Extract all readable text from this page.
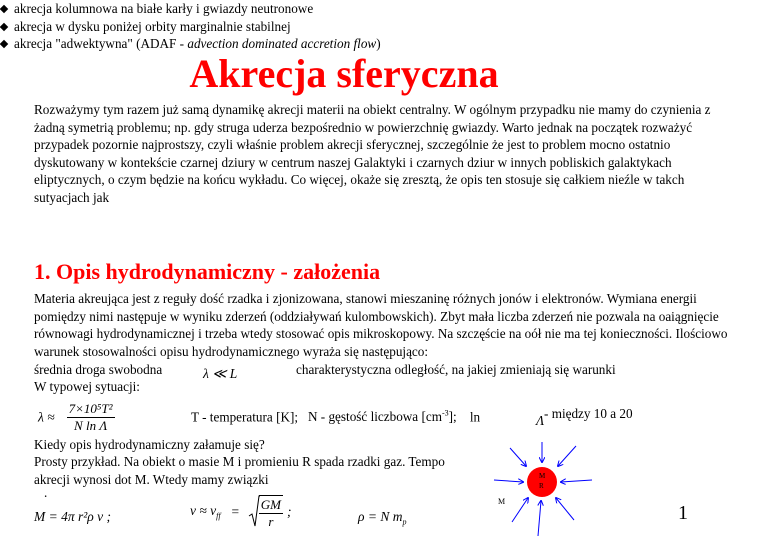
Akrecja sferyczna
Rozważymy tym razem już samą dynamikę akrecji materii na obiekt centralny. W ogólnym przypadku nie mamy do czynienia z żadną symetrią problemu; np. gdy struga uderza bezpośrednio w powierzchnię gwiazdy. Warto jednak na początek rozważyć przypadek pozornie najprostszy, czyli właśnie problem akrecji sferycznej, szczególnie że jest to problem mocno ostatnio dyskutowany w kontekście czarnej dziury w centrum naszej Galaktyki i czarnych dziur w innych pobliskich galaktykach eliptycznych, o czym będzie na końcu wykładu. Co więcej, okaże się zresztą, że opis ten stosuje się całkiem nieźle w takch sutyacjach jak
akrecja kolumnowa na białe karły i gwiazdy neutronowe
akrecja w dysku poniżej orbity marginalnie stabilnej
akrecja "adwektywna" (ADAF - advection dominated accretion flow)
1. Opis hydrodynamiczny - założenia
Materia akreująca jest z reguły dość rzadka i zjonizowana, stanowi mieszaninę różnych jonów i elektronów. Wymiana energii pomiędzy nimi następuje w wyniku zderzeń (oddziaływań kulombowskich). Zbyt mała liczba zderzeń nie pozwala na oaiągnięcie równowagi hydrodynamicznej i trzeba wtedy stosować opis mikroskopowy. Na szczęście na oół nie ma tej konieczności. Ilościowo warunek stosowalności opisu hydrodynamicznego wyraża się następująco:
średnia droga swobodna
W typowej sytuacji:
λ ≪ L	charakterystyczna odległość, na jakiej zmieniają się warunki
$\lambda \approx \frac{\text{7×10⁵T²}}{\text{N ln Λ}}$	T - temperatura [K]; N - gęstość liczbowa $[cm^{-3}]$; ln	Λ - między 10 a 20
Kiedy opis hydrodynamiczny załamuje się?
Prosty przykład. Na obiekt o masie M i promieniu R spada rzadki gaz. Tempo akrecji wynosi dot M. Wtedy mamy związki
.
M = 4π r²ρ v ;	$v \approx v_{ff} = \frac{GM}{r}$ ;	ρ = N $m_p$
M
R
M
1
